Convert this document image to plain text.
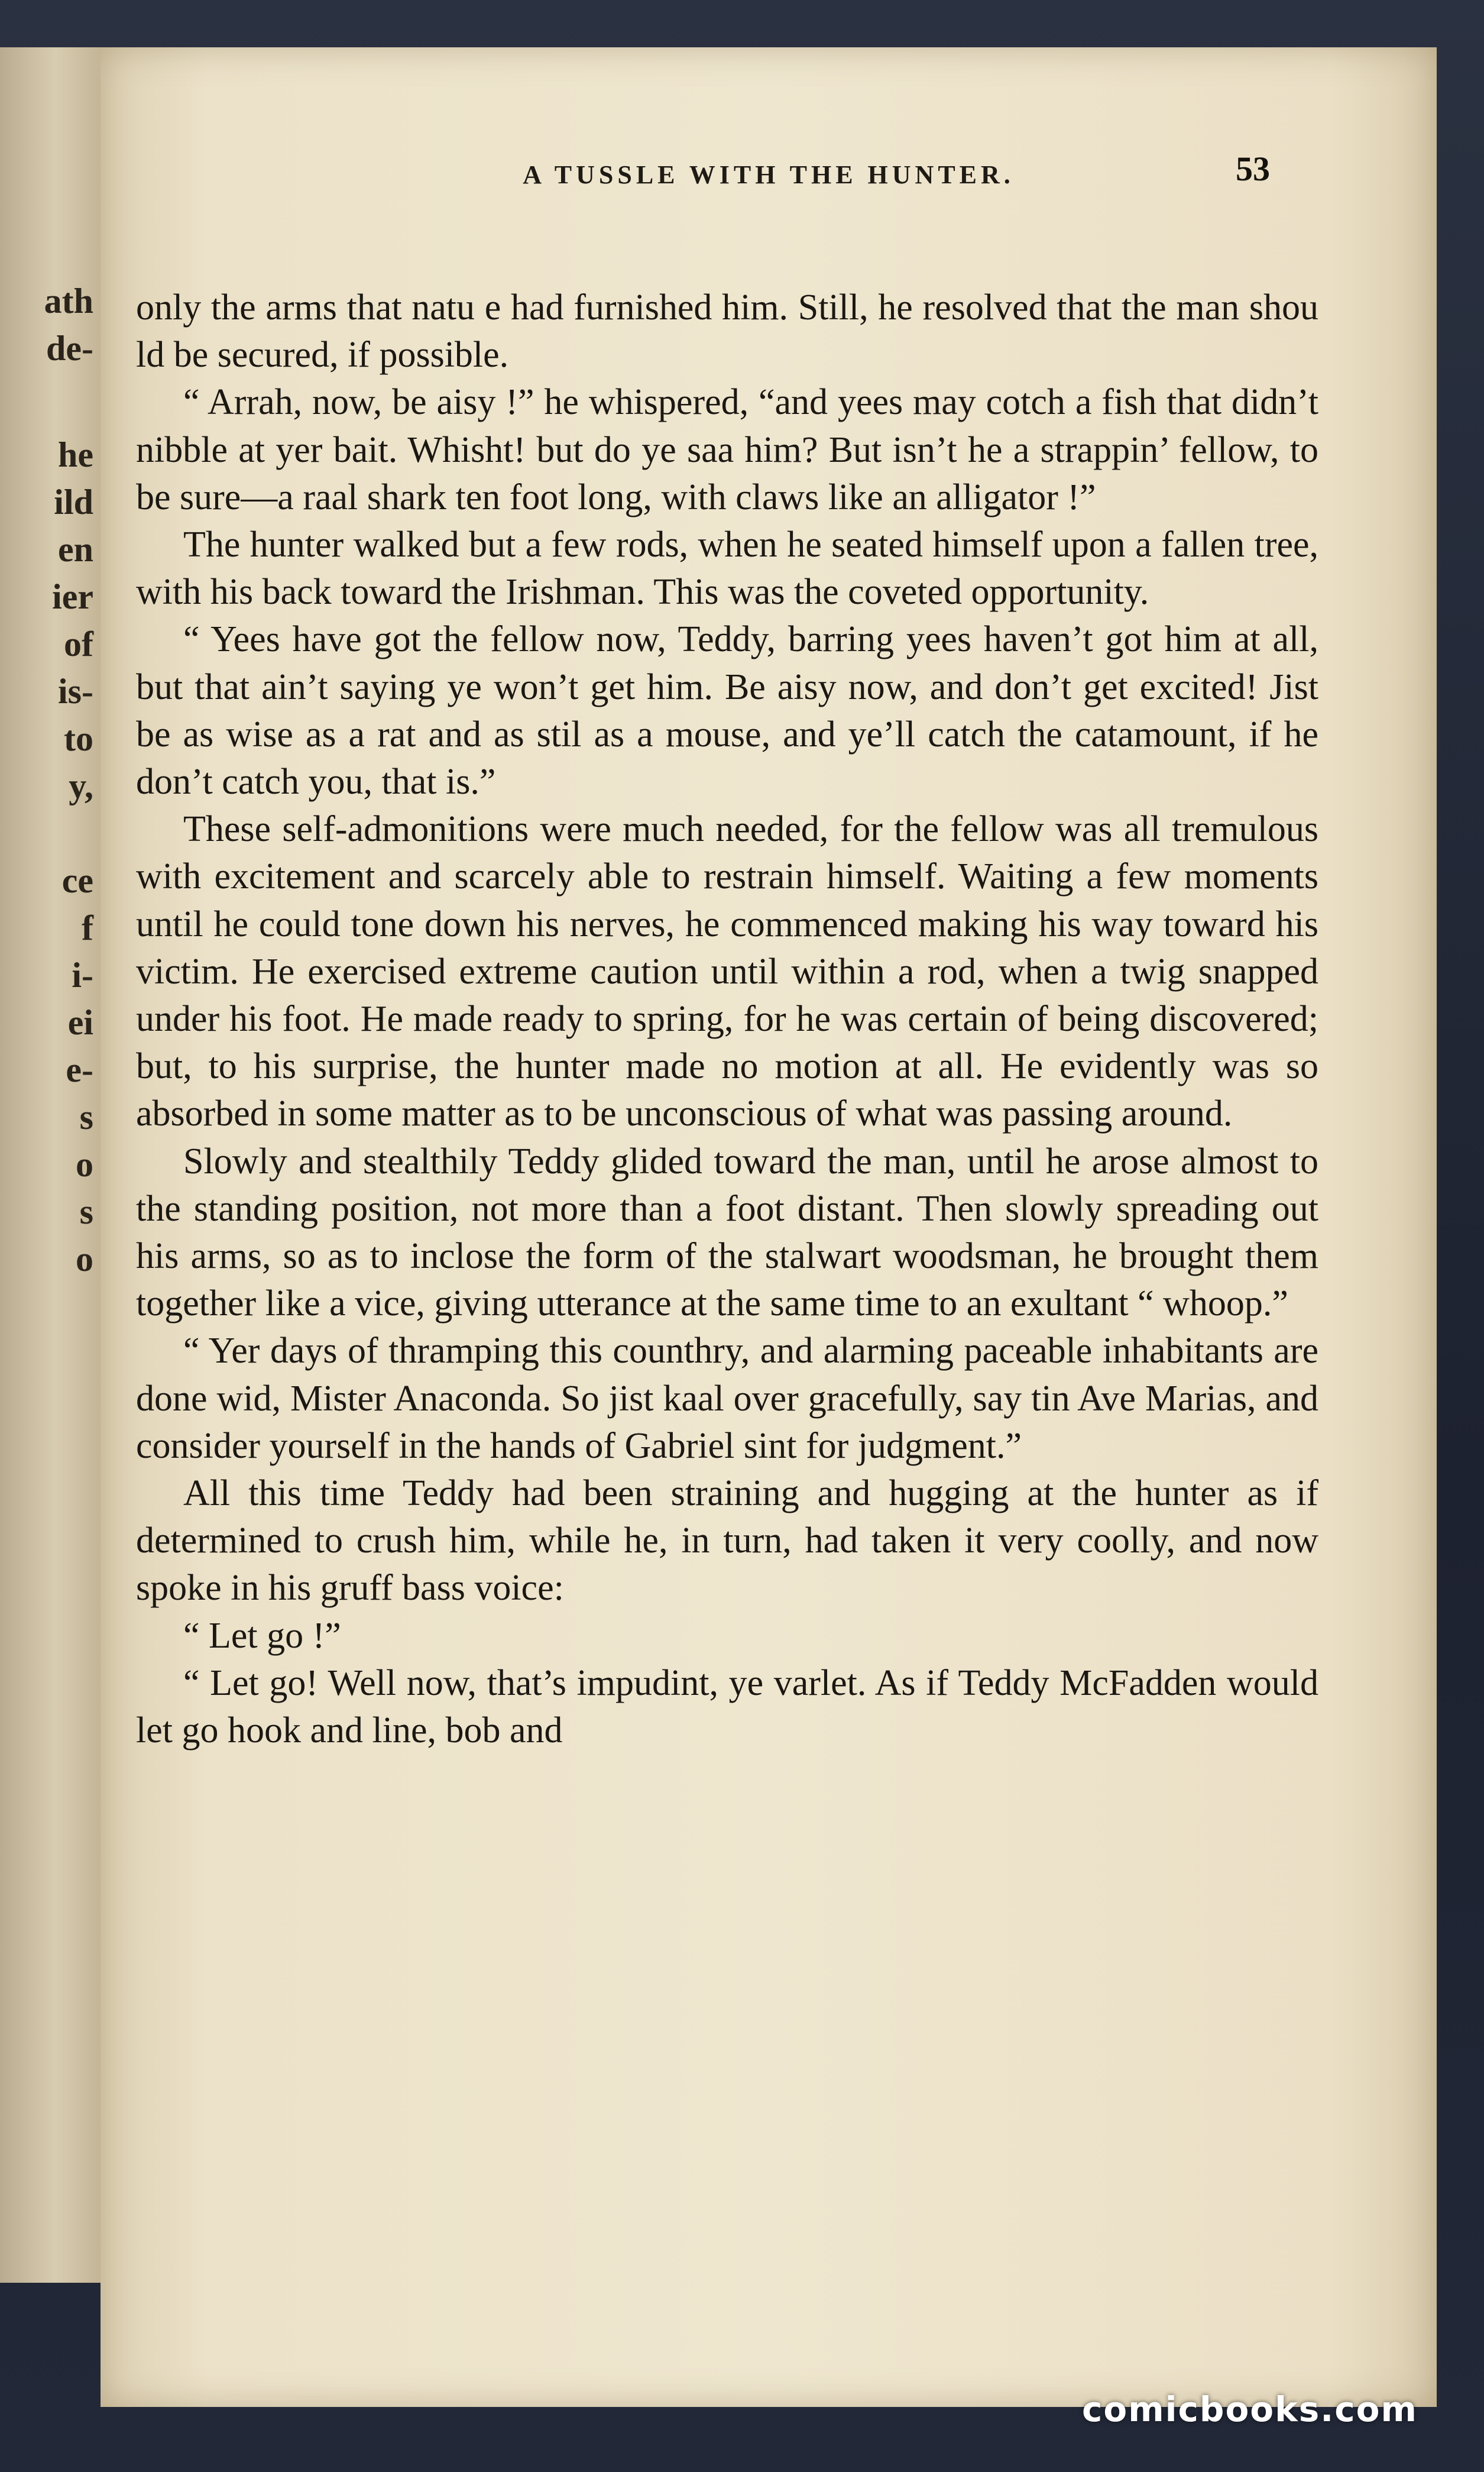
ath
de-
he
ild
en
ier
of
is-
to
y,
ce
f
i-
ei
e-
s
o
s
o
A TUSSLE WITH THE HUNTER.	53

only the arms that natu e had furnished him. Still, he resolved that the man shou ld be secured, if possible.

“ Arrah, now, be aisy !” he whispered, “and yees may cotch a fish that didn’t nibble at yer bait. Whisht! but do ye saa him? But isn’t he a strappin’ fellow, to be sure—a raal shark ten foot long, with claws like an alligator !”

The hunter walked but a few rods, when he seated himself upon a fallen tree, with his back toward the Irishman. This was the coveted opportunity.

“ Yees have got the fellow now, Teddy, barring yees haven’t got him at all, but that ain’t saying ye won’t get him. Be aisy now, and don’t get excited! Jist be as wise as a rat and as stil as a mouse, and ye’ll catch the catamount, if he don’t catch you, that is.”

These self-admonitions were much needed, for the fellow was all tremulous with excitement and scarcely able to restrain himself. Waiting a few moments until he could tone down his nerves, he commenced making his way toward his victim. He exercised extreme caution until within a rod, when a twig snapped under his foot. He made ready to spring, for he was certain of being discovered; but, to his surprise, the hunter made no motion at all. He evidently was so absorbed in some matter as to be unconscious of what was passing around.

Slowly and stealthily Teddy glided toward the man, until he arose almost to the standing position, not more than a foot distant. Then slowly spreading out his arms, so as to inclose the form of the stalwart woodsman, he brought them together like a vice, giving utterance at the same time to an exultant “ whoop.”

“ Yer days of thramping this counthry, and alarming paceable inhabitants are done wid, Mister Anaconda. So jist kaal over gracefully, say tin Ave Marias, and consider yourself in the hands of Gabriel sint for judgment.”

All this time Teddy had been straining and hugging at the hunter as if determined to crush him, while he, in turn, had taken it very coolly, and now spoke in his gruff bass voice:

“ Let go !”

“ Let go! Well now, that’s impudint, ye varlet. As if Teddy McFadden would let go hook and line, bob and

comicbooks.com
